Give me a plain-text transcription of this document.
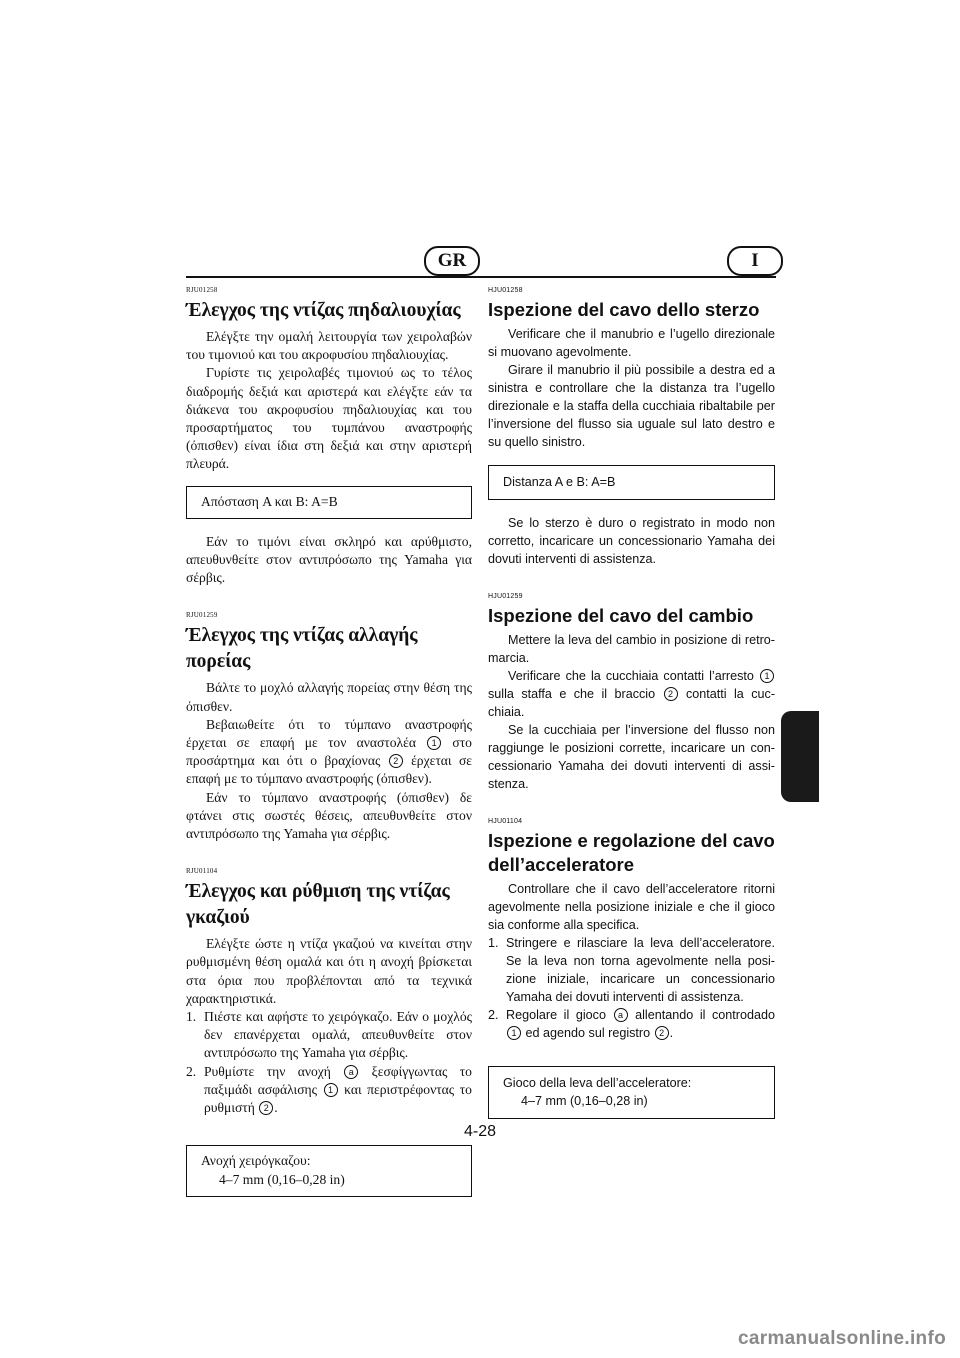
GR	I
RJU01258
Έλεγχος της ντίζας πηδαλιουχίας

Ελέγξτε την ομαλή λειτουργία των χειρολαβών του τιμονιού και του ακροφυσίου πηδαλιουχίας.

Γυρίστε τις χειρολαβές τιμονιού ως το τέλος διαδρομής δεξιά και αριστερά και ελέγξτε εάν τα διάκενα του ακροφυσίου πηδαλιουχίας και του προσαρτήματος του τυμπάνου αναστροφής (όπισθεν) είναι ίδια στη δεξιά και στην αριστερή πλευρά.

Απόσταση A και B: A=B

Εάν το τιμόνι είναι σκληρό και αρύθμιστο, απευθυνθείτε στον αντιπρόσωπο της Yamaha για σέρβις.

RJU01259
Έλεγχος της ντίζας αλλαγής πορείας

Βάλτε το μοχλό αλλαγής πορείας στην θέση της όπισθεν.

Βεβαιωθείτε ότι το τύμπανο αναστροφής έρχεται σε επαφή με τον αναστολέα 1 στο προσάρτημα και ότι ο βραχίονας 2 έρχεται σε επαφή με το τύμπανο αναστροφής (όπισθεν).

Εάν το τύμπανο αναστροφής (όπισθεν) δε φτάνει στις σωστές θέσεις, απευθυνθείτε στον αντιπρόσωπο της Yamaha για σέρβις.

RJU01104
Έλεγχος και ρύθμιση της ντίζας γκαζιού

Ελέγξτε ώστε η ντίζα γκαζιού να κινείται στην ρυθμισμένη θέση ομαλά και ότι η ανοχή βρίσκεται στα όρια που προβλέπονται από τα τεχνικά χαρακτηριστικά.

1. Πιέστε και αφήστε το χειρόγκαζο. Εάν ο μοχλός δεν επανέρχεται ομαλά, απευθυνθείτε στον αντιπρόσωπο της Yamaha για σέρβις.
2. Ρυθμίστε την ανοχή a ξεσφίγγωντας το παξιμάδι ασφάλισης 1 και περιστρέφοντας το ρυθμιστή 2 .
Ανοχή χειρόγκαζου:
4–7 mm (0,16–0,28 in)
HJU01258
Ispezione del cavo dello sterzo

Verificare che il manubrio e l’ugello direzionale si muovano agevolmente.

Girare il manubrio il più possibile a destra ed a sinistra e controllare che la distanza tra l’ugello direzionale e la staffa della cucchiaia ribaltabile per l’inversione del flusso sia uguale sul lato destro e su quello sinistro.

Distanza A e B: A=B

Se lo sterzo è duro o registrato in modo non corretto, incaricare un concessionario Yamaha dei dovuti interventi di assistenza.

HJU01259
Ispezione del cavo del cambio

Mettere la leva del cambio in posizione di retro-marcia.

Verificare che la cucchiaia contatti l’arresto 1 sulla staffa e che il braccio 2 contatti la cuc-chiaia.

Se la cucchiaia per l’inversione del flusso non raggiunge le posizioni corrette, incaricare un con-cessionario Yamaha dei dovuti interventi di assi-stenza.

HJU01104
Ispezione e regolazione del cavo dell’acceleratore

Controllare che il cavo dell’acceleratore ritorni agevolmente nella posizione iniziale e che il gioco sia conforme alla specifica.

1. Stringere e rilasciare la leva dell’acceleratore. Se la leva non torna agevolmente nella posi-zione iniziale, incaricare un concessionario Yamaha dei dovuti interventi di assistenza.
2. Regolare il gioco a allentando il controdado 1 ed agendo sul registro 2 .
Gioco della leva dell’acceleratore:
4–7 mm (0,16–0,28 in)
4-28
carmanualsonline.info
